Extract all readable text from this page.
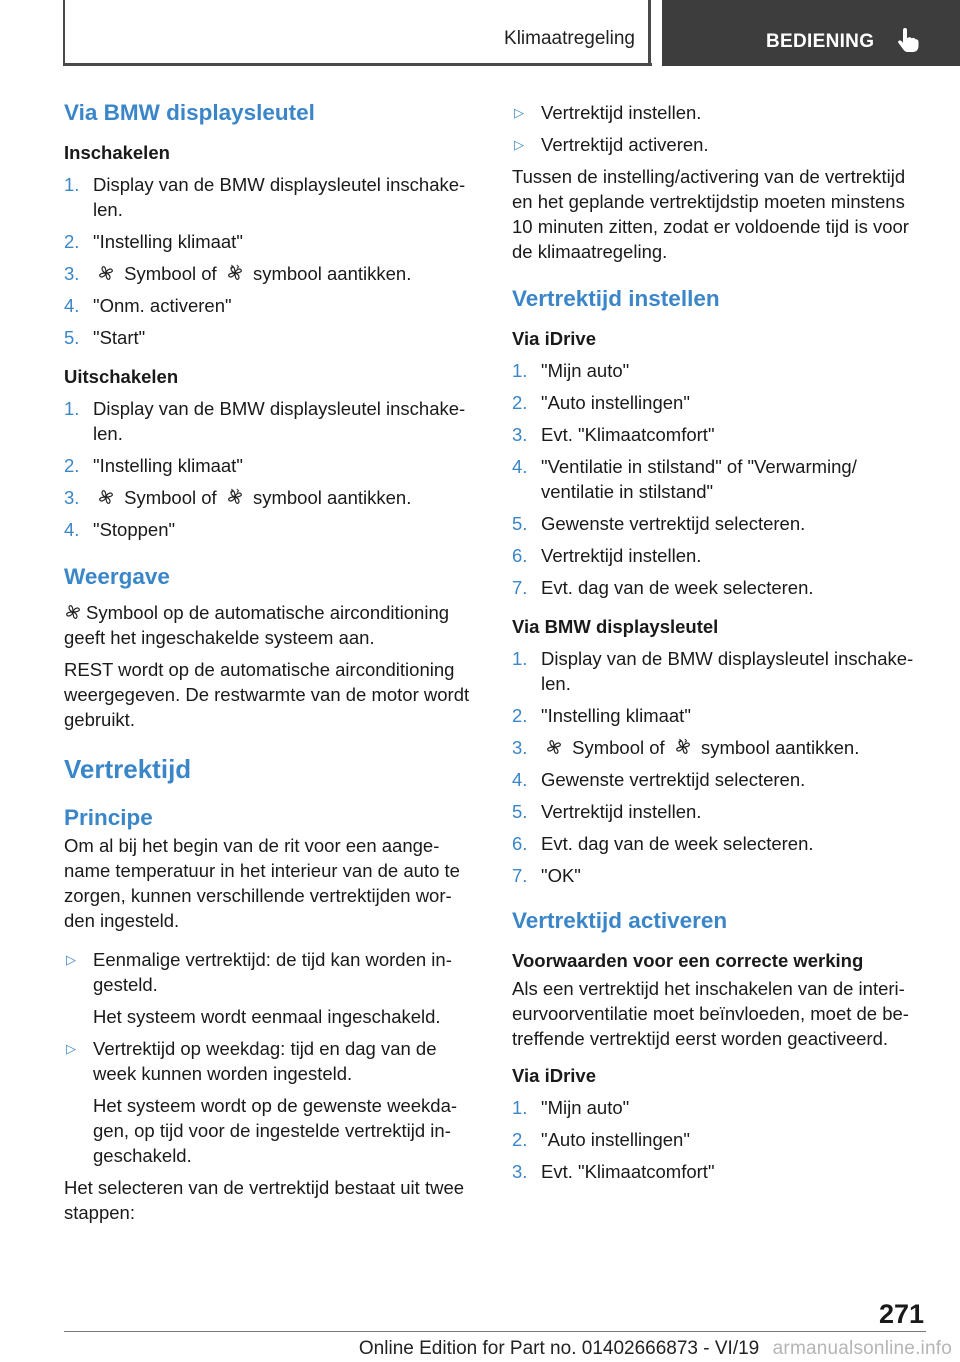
Klimaatregeling	BEDIENING
Via BMW displaysleutel
Inschakelen
1. Display van de BMW displaysleutel inschake-len.
2. "Instelling klimaat"
3. Symbool of symbool aantikken.
4. "Onm. activeren"
5. "Start"
Uitschakelen
1. Display van de BMW displaysleutel inschake-len.
2. "Instelling klimaat"
3. Symbool of symbool aantikken.
4. "Stoppen"
Weergave
Symbool op de automatische airconditioning geeft het ingeschakelde systeem aan.
REST wordt op de automatische airconditioning weergegeven. De restwarmte van de motor wordt gebruikt.
Vertrektijd
Principe
Om al bij het begin van de rit voor een aange-name temperatuur in het interieur van de auto te zorgen, kunnen verschillende vertrektijden wor-den ingesteld.
▷ Eenmalige vertrektijd: de tijd kan worden in-gesteld.
Het systeem wordt eenmaal ingeschakeld.
▷ Vertrektijd op weekdag: tijd en dag van de week kunnen worden ingesteld.
Het systeem wordt op de gewenste weekda-gen, op tijd voor de ingestelde vertrektijd in-geschakeld.
Het selecteren van de vertrektijd bestaat uit twee stappen:
▷ Vertrektijd instellen.
▷ Vertrektijd activeren.
Tussen de instelling/activering van de vertrektijd en het geplande vertrektijdstip moeten minstens 10 minuten zitten, zodat er voldoende tijd is voor de klimaatregeling.
Vertrektijd instellen
Via iDrive
1. "Mijn auto"
2. "Auto instellingen"
3. Evt. "Klimaatcomfort"
4. "Ventilatie in stilstand" of "Verwarming/ ventilatie in stilstand"
5. Gewenste vertrektijd selecteren.
6. Vertrektijd instellen.
7. Evt. dag van de week selecteren.
Via BMW displaysleutel
1. Display van de BMW displaysleutel inschake-len.
2. "Instelling klimaat"
3. Symbool of symbool aantikken.
4. Gewenste vertrektijd selecteren.
5. Vertrektijd instellen.
6. Evt. dag van de week selecteren.
7. "OK"
Vertrektijd activeren
Voorwaarden voor een correcte werking
Als een vertrektijd het inschakelen van de interi-eurvoorventilatie moet beïnvloeden, moet de be-treffende vertrektijd eerst worden geactiveerd.
Via iDrive
1. "Mijn auto"
2. "Auto instellingen"
3. Evt. "Klimaatcomfort"
271
Online Edition for Part no. 01402666873 - VI/19 armanualsonline.info
